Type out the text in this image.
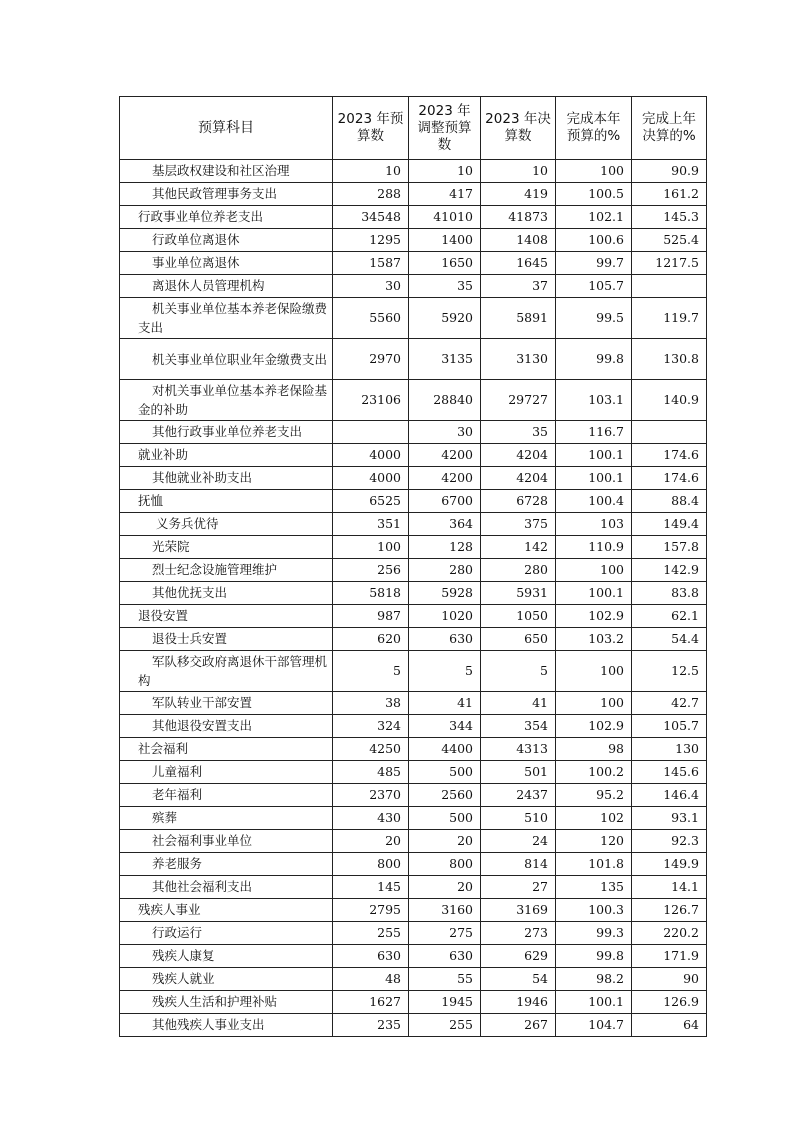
预算科目	2023 年预算数	2023 年调整预算数	2023 年决算数	完成本年预算的%	完成上年决算的%

基层政权建设和社区治理	10	10	10	100	90.9

其他民政管理事务支出	288	417	419	100.5	161.2

行政事业单位养老支出	34548	41010	41873	102.1	145.3

行政单位离退休	1295	1400	1408	100.6	525.4

事业单位离退休	1587	1650	1645	99.7	1217.5

离退休人员管理机构	30	35	37	105.7	

机关事业单位基本养老保险缴费支出	5560	5920	5891	99.5	119.7

机关事业单位职业年金缴费支出	2970	3135	3130	99.8	130.8

对机关事业单位基本养老保险基金的补助	23106	28840	29727	103.1	140.9

其他行政事业单位养老支出		30	35	116.7	

就业补助	4000	4200	4204	100.1	174.6

其他就业补助支出	4000	4200	4204	100.1	174.6

抚恤	6525	6700	6728	100.4	88.4

义务兵优待	351	364	375	103	149.4

光荣院	100	128	142	110.9	157.8

烈士纪念设施管理维护	256	280	280	100	142.9

其他优抚支出	5818	5928	5931	100.1	83.8

退役安置	987	1020	1050	102.9	62.1

退役士兵安置	620	630	650	103.2	54.4

军队移交政府离退休干部管理机构	5	5	5	100	12.5

军队转业干部安置	38	41	41	100	42.7

其他退役安置支出	324	344	354	102.9	105.7

社会福利	4250	4400	4313	98	130

儿童福利	485	500	501	100.2	145.6

老年福利	2370	2560	2437	95.2	146.4

殡葬	430	500	510	102	93.1

社会福利事业单位	20	20	24	120	92.3

养老服务	800	800	814	101.8	149.9

其他社会福利支出	145	20	27	135	14.1

残疾人事业	2795	3160	3169	100.3	126.7

行政运行	255	275	273	99.3	220.2

残疾人康复	630	630	629	99.8	171.9

残疾人就业	48	55	54	98.2	90

残疾人生活和护理补贴	1627	1945	1946	100.1	126.9

其他残疾人事业支出	235	255	267	104.7	64
